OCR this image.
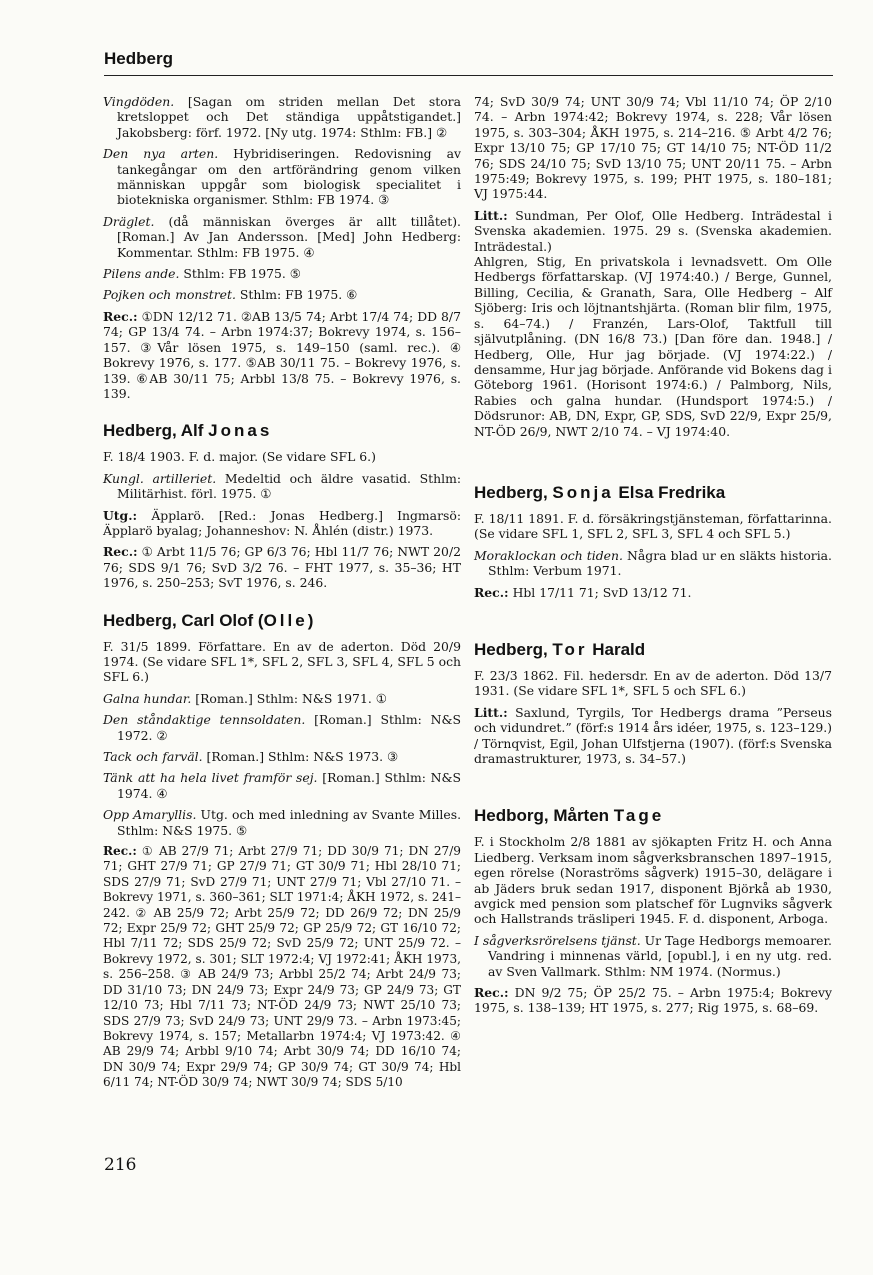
Hedberg

Vingdöden. [Sagan om striden mellan Det stora kretsloppet och Det ständiga uppåtstigandet.] Jakobsberg: förf. 1972. [Ny utg. 1974: Sthlm: FB.] ②

Den nya arten. Hybridiseringen. Redovisning av tankegångar om den artförändring genom vilken människan uppgår som biologisk specialitet i biotekniska organismer. Sthlm: FB 1974. ③

Dräglet. (då människan överges är allt tillåtet). [Roman.] Av Jan Andersson. [Med] John Hedberg: Kommentar. Sthlm: FB 1975. ④

Pilens ande. Sthlm: FB 1975. ⑤

Pojken och monstret. Sthlm: FB 1975. ⑥

Rec.: ①DN 12/12 71. ②AB 13/5 74; Arbt 17/4 74; DD 8/7 74; GP 13/4 74. – Arbn 1974:37; Bokrevy 1974, s. 156–157. ③Vår lösen 1975, s. 149–150 (saml. rec.). ④ Bokrevy 1976, s. 177. ⑤AB 30/11 75. – Bokrevy 1976, s. 139. ⑥AB 30/11 75; Arbbl 13/8 75. – Bokrevy 1976, s. 139.

Hedberg, Alf Jonas

F. 18/4 1903. F. d. major. (Se vidare SFL 6.)

Kungl. artilleriet. Medeltid och äldre vasatid. Sthlm: Militärhist. förl. 1975. ①

Utg.: Äpplarö. [Red.: Jonas Hedberg.] Ingmarsö: Äpplarö byalag; Johanneshov: N. Åhlén (distr.) 1973.

Rec.: ① Arbt 11/5 76; GP 6/3 76; Hbl 11/7 76; NWT 20/2 76; SDS 9/1 76; SvD 3/2 76. – FHT 1977, s. 35–36; HT 1976, s. 250–253; SvT 1976, s. 246.

Hedberg, Carl Olof (Olle)

F. 31/5 1899. Författare. En av de aderton. Död 20/9 1974. (Se vidare SFL 1*, SFL 2, SFL 3, SFL 4, SFL 5 och SFL 6.)

Galna hundar. [Roman.] Sthlm: N&S 1971. ①

Den ståndaktige tennsoldaten. [Roman.] Sthlm: N&S 1972. ②

Tack och farväl. [Roman.] Sthlm: N&S 1973. ③

Tänk att ha hela livet framför sej. [Roman.] Sthlm: N&S 1974. ④

Opp Amaryllis. Utg. och med inledning av Svante Milles. Sthlm: N&S 1975. ⑤

Rec.: ① AB 27/9 71; Arbt 27/9 71; DD 30/9 71; DN 27/9 71; GHT 27/9 71; GP 27/9 71; GT 30/9 71; Hbl 28/10 71; SDS 27/9 71; SvD 27/9 71; UNT 27/9 71; Vbl 27/10 71. – Bokrevy 1971, s. 360–361; SLT 1971:4; ÅKH 1972, s. 241–242. ② AB 25/9 72; Arbt 25/9 72; DD 26/9 72; DN 25/9 72; Expr 25/9 72; GHT 25/9 72; GP 25/9 72; GT 16/10 72; Hbl 7/11 72; SDS 25/9 72; SvD 25/9 72; UNT 25/9 72. – Bokrevy 1972, s. 301; SLT 1972:4; VJ 1972:41; ÅKH 1973, s. 256–258. ③ AB 24/9 73; Arbbl 25/2 74; Arbt 24/9 73; DD 31/10 73; DN 24/9 73; Expr 24/9 73; GP 24/9 73; GT 12/10 73; Hbl 7/11 73; NT-ÖD 24/9 73; NWT 25/10 73; SDS 27/9 73; SvD 24/9 73; UNT 29/9 73. – Arbn 1973:45; Bokrevy 1974, s. 157; Metallarbn 1974:4; VJ 1973:42. ④ AB 29/9 74; Arbbl 9/10 74; Arbt 30/9 74; DD 16/10 74; DN 30/9 74; Expr 29/9 74; GP 30/9 74; GT 30/9 74; Hbl 6/11 74; NT-ÖD 30/9 74; NWT 30/9 74; SDS 5/10

74; SvD 30/9 74; UNT 30/9 74; Vbl 11/10 74; ÖP 2/10 74. – Arbn 1974:42; Bokrevy 1974, s. 228; Vår lösen 1975, s. 303–304; ÅKH 1975, s. 214–216. ⑤ Arbt 4/2 76; Expr 13/10 75; GP 17/10 75; GT 14/10 75; NT-ÖD 11/2 76; SDS 24/10 75; SvD 13/10 75; UNT 20/11 75. – Arbn 1975:49; Bokrevy 1975, s. 199; PHT 1975, s. 180–181; VJ 1975:44.

Litt.: Sundman, Per Olof, Olle Hedberg. Inträdestal i Svenska akademien. 1975. 29 s. (Svenska akademien. Inträdestal.)

Ahlgren, Stig, En privatskola i levnadsvett. Om Olle Hedbergs författarskap. (VJ 1974:40.) / Berge, Gunnel, Billing, Cecilia, & Granath, Sara, Olle Hedberg – Alf Sjöberg: Iris och löjtnantshjärta. (Roman blir film, 1975, s. 64–74.) / Franzén, Lars-Olof, Taktfull till självutplåning. (DN 16/8 73.) [Dan före dan. 1948.] / Hedberg, Olle, Hur jag började. (VJ 1974:22.) / densamme, Hur jag började. Anförande vid Bokens dag i Göteborg 1961. (Horisont 1974:6.) / Palmborg, Nils, Rabies och galna hundar. (Hundsport 1974:5.) / Dödsrunor: AB, DN, Expr, GP, SDS, SvD 22/9, Expr 25/9, NT-ÖD 26/9, NWT 2/10 74. – VJ 1974:40.

Hedberg, Sonja Elsa Fredrika

F. 18/11 1891. F. d. försäkringstjänsteman, författarinna. (Se vidare SFL 1, SFL 2, SFL 3, SFL 4 och SFL 5.)

Moraklockan och tiden. Några blad ur en släkts historia. Sthlm: Verbum 1971.

Rec.: Hbl 17/11 71; SvD 13/12 71.

Hedberg, Tor Harald

F. 23/3 1862. Fil. hedersdr. En av de aderton. Död 13/7 1931. (Se vidare SFL 1*, SFL 5 och SFL 6.)

Litt.: Saxlund, Tyrgils, Tor Hedbergs drama ”Perseus och vidundret.” (förf:s 1914 års idéer, 1975, s. 123–129.) / Törnqvist, Egil, Johan Ulfstjerna (1907). (förf:s Svenska dramastrukturer, 1973, s. 34–57.)

Hedborg, Mårten Tage

F. i Stockholm 2/8 1881 av sjökapten Fritz H. och Anna Liedberg. Verksam inom sågverksbranschen 1897–1915, egen rörelse (Noraströms sågverk) 1915–30, delägare i ab Jäders bruk sedan 1917, disponent Björkå ab 1930, avgick med pension som platschef för Lugnviks sågverk och Hallstrands träsliperi 1945. F. d. disponent, Arboga.

I sågverksrörelsens tjänst. Ur Tage Hedborgs memoarer. Vandring i minnenas värld, [opubl.], i en ny utg. red. av Sven Vallmark. Sthlm: NM 1974. (Normus.)

Rec.: DN 9/2 75; ÖP 25/2 75. – Arbn 1975:4; Bokrevy 1975, s. 138–139; HT 1975, s. 277; Rig 1975, s. 68–69.

216
